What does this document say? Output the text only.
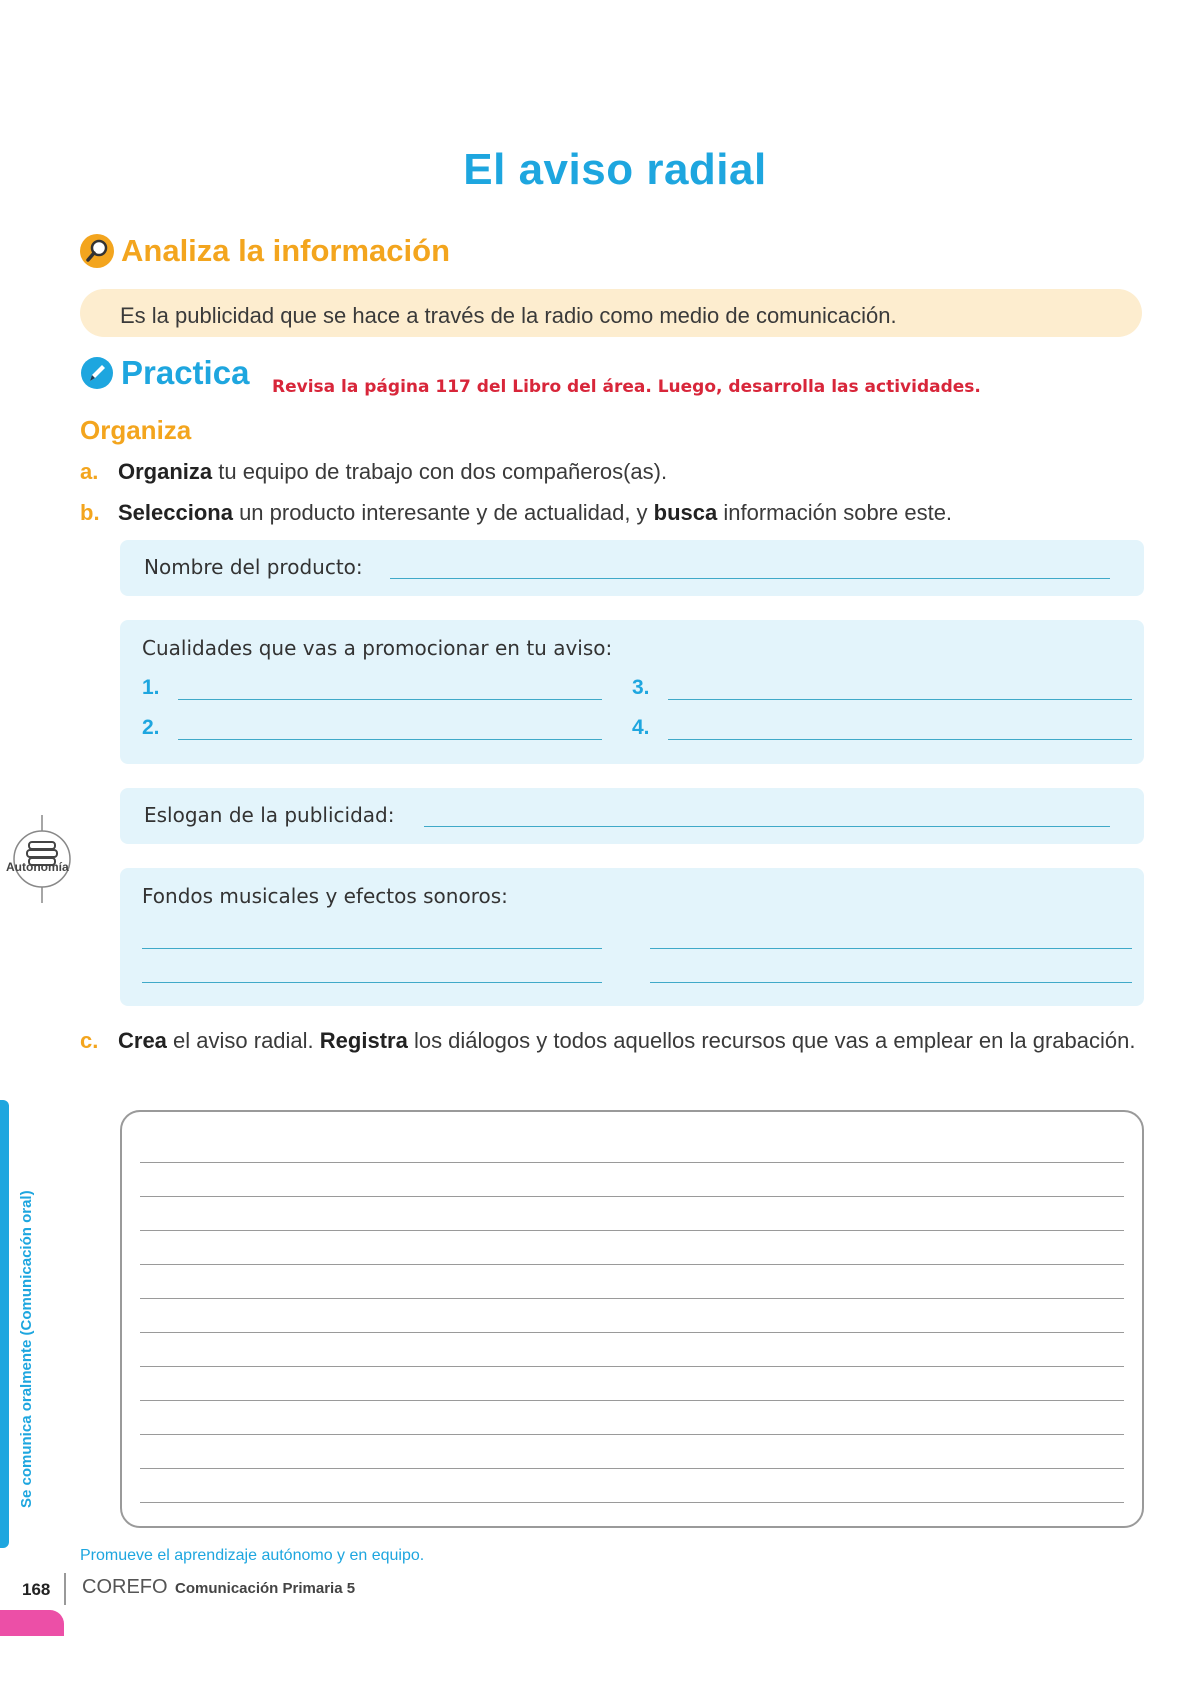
El aviso radial
Analiza la información
Es la publicidad que se hace a través de la radio como medio de comunicación.
Practica Revisa la página 117 del Libro del área. Luego, desarrolla las actividades.
Organiza
a. Organiza tu equipo de trabajo con dos compañeros(as).
b. Selecciona un producto interesante y de actualidad, y busca información sobre este.
Nombre del producto:
Cualidades que vas a promocionar en tu aviso:
1.
2.
3.
4.
Eslogan de la publicidad:
Fondos musicales y efectos sonoros:
c. Crea el aviso radial. Registra los diálogos y todos aquellos recursos que vas a emplear en la grabación.
Autonomía
Se comunica oralmente (Comunicación oral)
Promueve el aprendizaje autónomo y en equipo.
168 COREFO Comunicación Primaria 5
